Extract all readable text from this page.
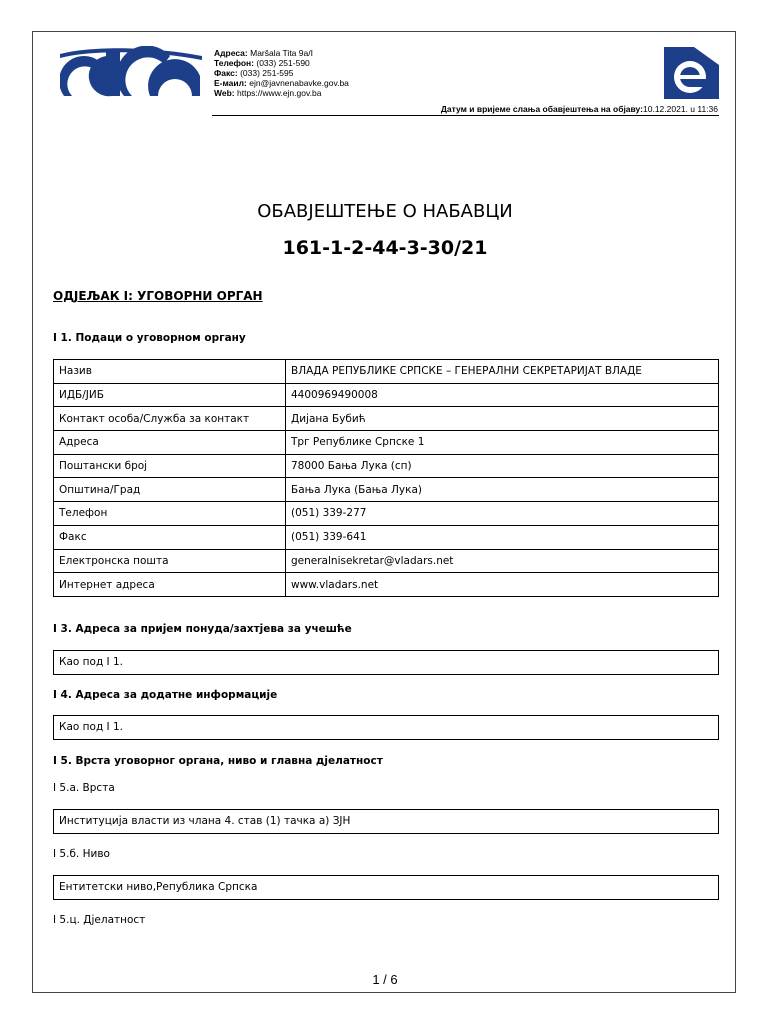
Адреса: Maršala Tita 9a/I
Телефон: (033) 251-590
Факс: (033) 251-595
E-маил: ejn@javnenabavke.gov.ba
Web: https://www.ejn.gov.ba
Датум и вријеме слања обавјештења на објаву:10.12.2021. u 11:36
ОБАВЈЕШТЕЊЕ О НАБАВЦИ
161-1-2-44-3-30/21
ОДЈЕЉАК I: УГОВОРНИ ОРГАН
I 1. Подаци о уговорном органу
Назив	ВЛАДА РЕПУБЛИКЕ СРПСКЕ – ГЕНЕРАЛНИ СЕКРЕТАРИЈАТ ВЛАДЕ
ИДБ/ЈИБ	4400969490008
Контакт особа/Служба за контакт	Дијана Бубић
Адреса	Трг Републике Српске 1
Поштански број	78000 Бања Лука (сп)
Општина/Град	Бања Лука (Бања Лука)
Телефон	(051) 339-277
Факс	(051) 339-641
Електронска пошта	generalnisekretar@vladars.net
Интернет адреса	www.vladars.net
I 3. Адреса за пријем понуда/захтјева за учешће
Као под I 1.
I 4. Адреса за додатне информације
Као под I 1.
I 5. Врста уговорног органа, ниво и главна дјелатност
I 5.а. Врста
Институција власти из члана 4. став (1) тачка а) ЗЈН
I 5.б. Ниво
Ентитетски ниво,Република Српска
I 5.ц. Дјелатност
1 / 6
